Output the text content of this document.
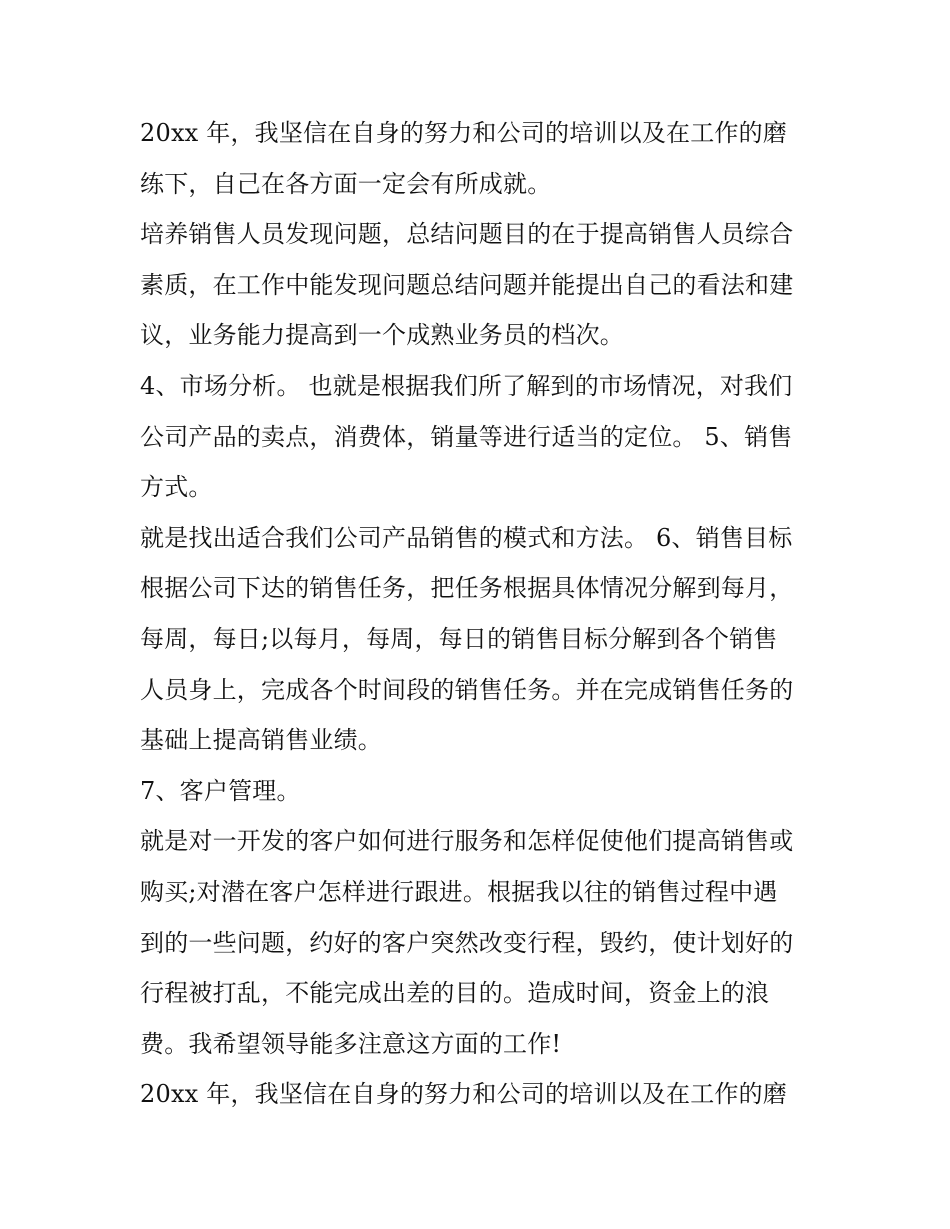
20xx 年，我坚信在自身的努力和公司的培训以及在工作的磨
练下，自己在各方面一定会有所成就。
培养销售人员发现问题，总结问题目的在于提高销售人员综合
素质，在工作中能发现问题总结问题并能提出自己的看法和建
议，业务能力提高到一个成熟业务员的档次。
4、市场分析。 也就是根据我们所了解到的市场情况，对我们
公司产品的卖点，消费体，销量等进行适当的定位。 5、销售
方式。
就是找出适合我们公司产品销售的模式和方法。 6、销售目标
根据公司下达的销售任务，把任务根据具体情况分解到每月，
每周，每日;以每月，每周，每日的销售目标分解到各个销售
人员身上，完成各个时间段的销售任务。并在完成销售任务的
基础上提高销售业绩。
7、客户管理。
就是对一开发的客户如何进行服务和怎样促使他们提高销售或
购买;对潜在客户怎样进行跟进。根据我以往的销售过程中遇
到的一些问题，约好的客户突然改变行程，毁约，使计划好的
行程被打乱，不能完成出差的目的。造成时间，资金上的浪
费。我希望领导能多注意这方面的工作!
20xx 年，我坚信在自身的努力和公司的培训以及在工作的磨
